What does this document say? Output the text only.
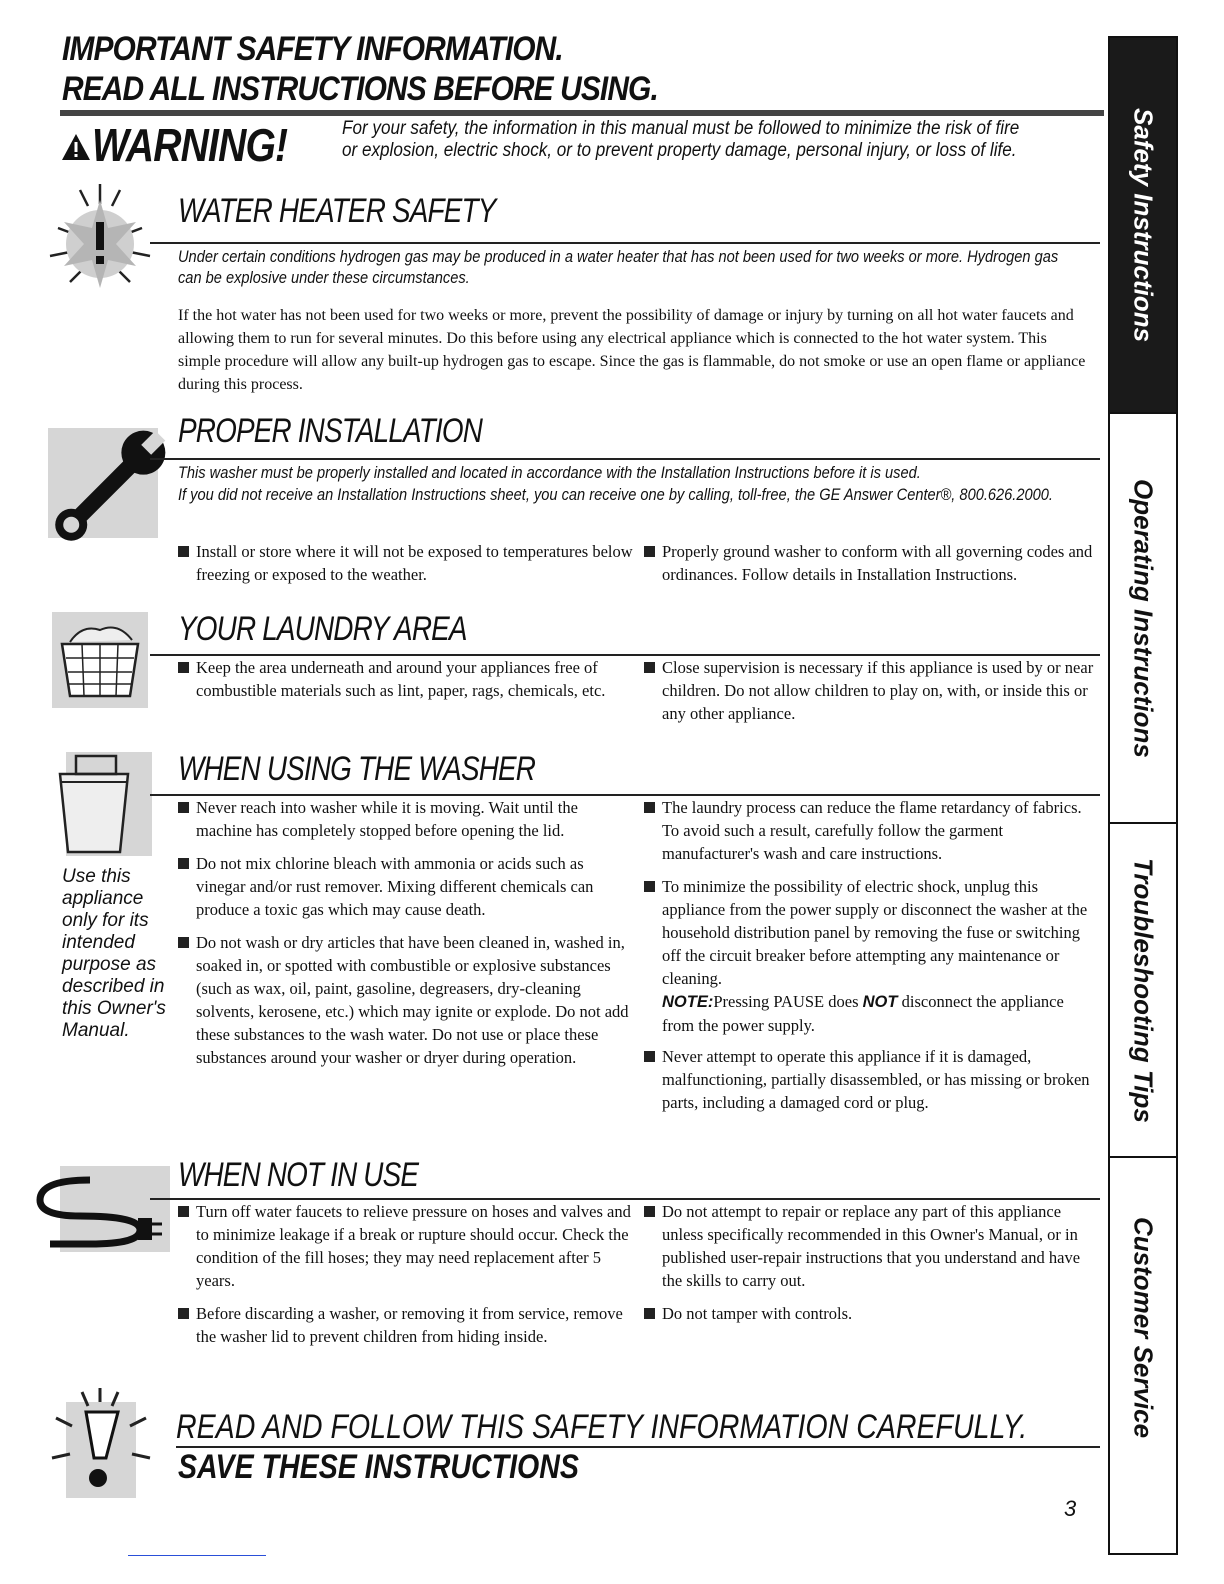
IMPORTANT SAFETY INFORMATION.
READ ALL INSTRUCTIONS BEFORE USING.
WARNING!	For your safety, the information in this manual must be followed to minimize the risk of fire or explosion, electric shock, or to prevent property damage, personal injury, or loss of life.
WATER HEATER SAFETY
Under certain conditions hydrogen gas may be produced in a water heater that has not been used for two weeks or more. Hydrogen gas can be explosive under these circumstances.
If the hot water has not been used for two weeks or more, prevent the possibility of damage or injury by turning on all hot water faucets and allowing them to run for several minutes. Do this before using any electrical appliance which is connected to the hot water system. This simple procedure will allow any built-up hydrogen gas to escape. Since the gas is flammable, do not smoke or use an open flame or appliance during this process.
PROPER INSTALLATION
This washer must be properly installed and located in accordance with the Installation Instructions before it is used.
If you did not receive an Installation Instructions sheet, you can receive one by calling, toll-free, the GE Answer Center®, 800.626.2000.
Install or store where it will not be exposed to temperatures below freezing or exposed to the weather.
Properly ground washer to conform with all governing codes and ordinances. Follow details in Installation Instructions.
YOUR LAUNDRY AREA
Keep the area underneath and around your appliances free of combustible materials such as lint, paper, rags, chemicals, etc.
Close supervision is necessary if this appliance is used by or near children. Do not allow children to play on, with, or inside this or any other appliance.
WHEN USING THE WASHER
Use this appliance only for its intended purpose as described in this Owner's Manual.
Never reach into washer while it is moving. Wait until the machine has completely stopped before opening the lid.
Do not mix chlorine bleach with ammonia or acids such as vinegar and/or rust remover. Mixing different chemicals can produce a toxic gas which may cause death.
Do not wash or dry articles that have been cleaned in, washed in, soaked in, or spotted with combustible or explosive substances (such as wax, oil, paint, gasoline, degreasers, dry-cleaning solvents, kerosene, etc.) which may ignite or explode. Do not add these substances to the wash water. Do not use or place these substances around your washer or dryer during operation.
The laundry process can reduce the flame retardancy of fabrics. To avoid such a result, carefully follow the garment manufacturer's wash and care instructions.
To minimize the possibility of electric shock, unplug this appliance from the power supply or disconnect the washer at the household distribution panel by removing the fuse or switching off the circuit breaker before attempting any maintenance or cleaning.
NOTE:Pressing PAUSE does NOT disconnect the appliance from the power supply.
Never attempt to operate this appliance if it is damaged, malfunctioning, partially disassembled, or has missing or broken parts, including a damaged cord or plug.
WHEN NOT IN USE
Turn off water faucets to relieve pressure on hoses and valves and to minimize leakage if a break or rupture should occur. Check the condition of the fill hoses; they may need replacement after 5 years.
Before discarding a washer, or removing it from service, remove the washer lid to prevent children from hiding inside.
Do not attempt to repair or replace any part of this appliance unless specifically recommended in this Owner's Manual, or in published user-repair instructions that you understand and have the skills to carry out.
Do not tamper with controls.
READ AND FOLLOW THIS SAFETY INFORMATION CAREFULLY.
SAVE THESE INSTRUCTIONS
3
Safety Instructions
Operating Instructions
Troubleshooting Tips
Customer Service
